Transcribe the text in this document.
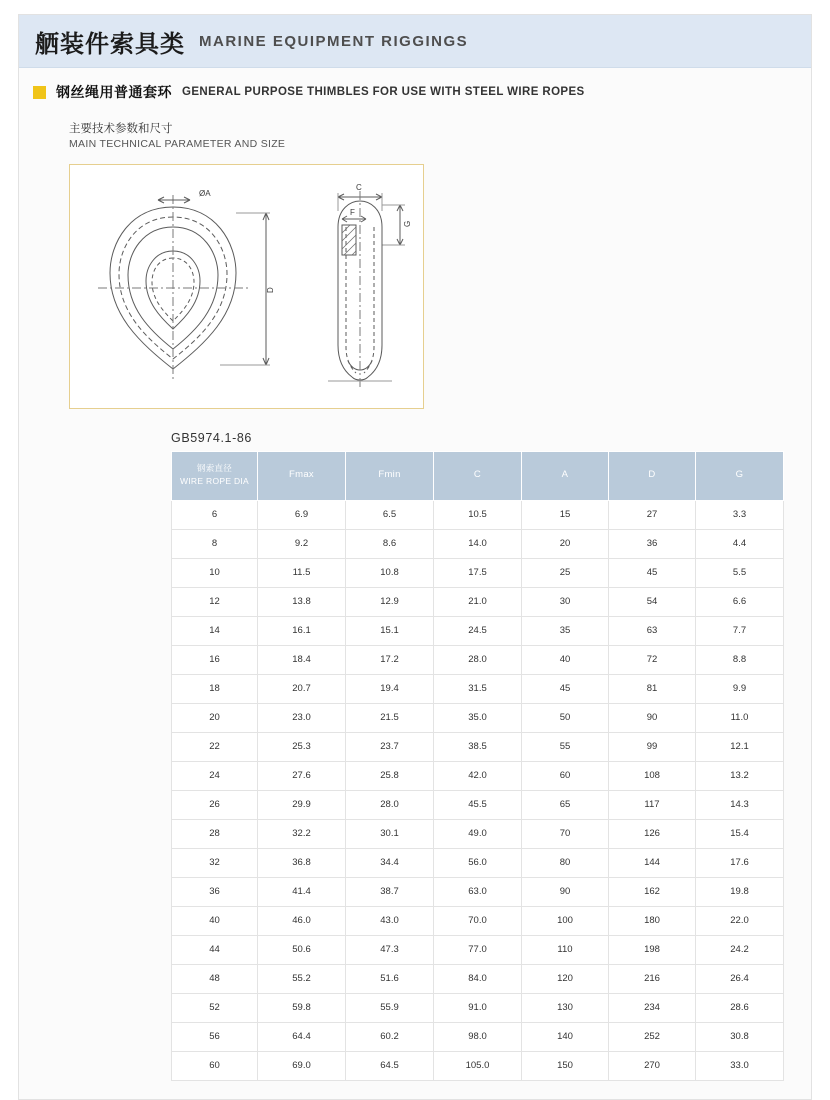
舾装件索具类 MARINE EQUIPMENT RIGGINGS
钢丝绳用普通套环 GENERAL PURPOSE THIMBLES FOR USE WITH STEEL WIRE ROPES
主要技术参数和尺寸
MAIN TECHNICAL PARAMETER AND SIZE
ØA
D
C
F
G
GB5974.1-86
钢索直径
WIRE ROPE DIA	Fmax	Fmin	C	A	D	G
6	6.9	6.5	10.5	15	27	3.3
8	9.2	8.6	14.0	20	36	4.4
10	11.5	10.8	17.5	25	45	5.5
12	13.8	12.9	21.0	30	54	6.6
14	16.1	15.1	24.5	35	63	7.7
16	18.4	17.2	28.0	40	72	8.8
18	20.7	19.4	31.5	45	81	9.9
20	23.0	21.5	35.0	50	90	11.0
22	25.3	23.7	38.5	55	99	12.1
24	27.6	25.8	42.0	60	108	13.2
26	29.9	28.0	45.5	65	117	14.3
28	32.2	30.1	49.0	70	126	15.4
32	36.8	34.4	56.0	80	144	17.6
36	41.4	38.7	63.0	90	162	19.8
40	46.0	43.0	70.0	100	180	22.0
44	50.6	47.3	77.0	110	198	24.2
48	55.2	51.6	84.0	120	216	26.4
52	59.8	55.9	91.0	130	234	28.6
56	64.4	60.2	98.0	140	252	30.8
60	69.0	64.5	105.0	150	270	33.0
